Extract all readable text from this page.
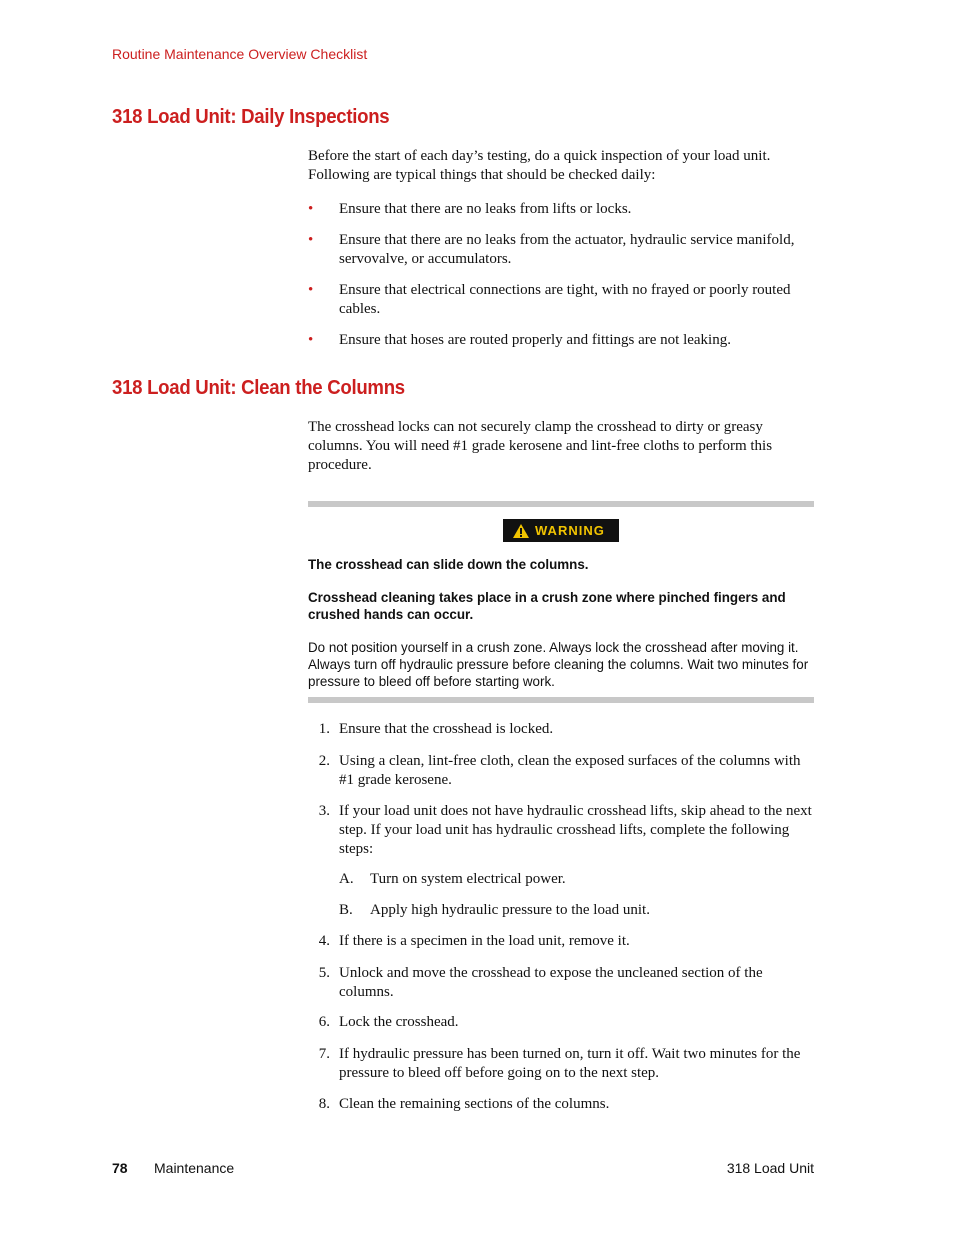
Routine Maintenance Overview Checklist
318 Load Unit: Daily Inspections
Before the start of each day’s testing, do a quick inspection of your load unit. Following are typical things that should be checked daily:
• Ensure that there are no leaks from lifts or locks.
• Ensure that there are no leaks from the actuator, hydraulic service manifold, servovalve, or accumulators.
• Ensure that electrical connections are tight, with no frayed or poorly routed cables.
• Ensure that hoses are routed properly and fittings are not leaking.
318 Load Unit: Clean the Columns
The crosshead locks can not securely clamp the crosshead to dirty or greasy columns. You will need #1 grade kerosene and lint-free cloths to perform this procedure.
WARNING
The crosshead can slide down the columns.
Crosshead cleaning takes place in a crush zone where pinched fingers and crushed hands can occur.
Do not position yourself in a crush zone. Always lock the crosshead after moving it. Always turn off hydraulic pressure before cleaning the columns. Wait two minutes for pressure to bleed off before starting work.
1. Ensure that the crosshead is locked.
2. Using a clean, lint-free cloth, clean the exposed surfaces of the columns with #1 grade kerosene.
3. If your load unit does not have hydraulic crosshead lifts, skip ahead to the next step. If your load unit has hydraulic crosshead lifts, complete the following steps:
A. Turn on system electrical power.
B. Apply high hydraulic pressure to the load unit.
4. If there is a specimen in the load unit, remove it.
5. Unlock and move the crosshead to expose the uncleaned section of the columns.
6. Lock the crosshead.
7. If hydraulic pressure has been turned on, turn it off. Wait two minutes for the pressure to bleed off before going on to the next step.
8. Clean the remaining sections of the columns.
78 Maintenance	318 Load Unit
